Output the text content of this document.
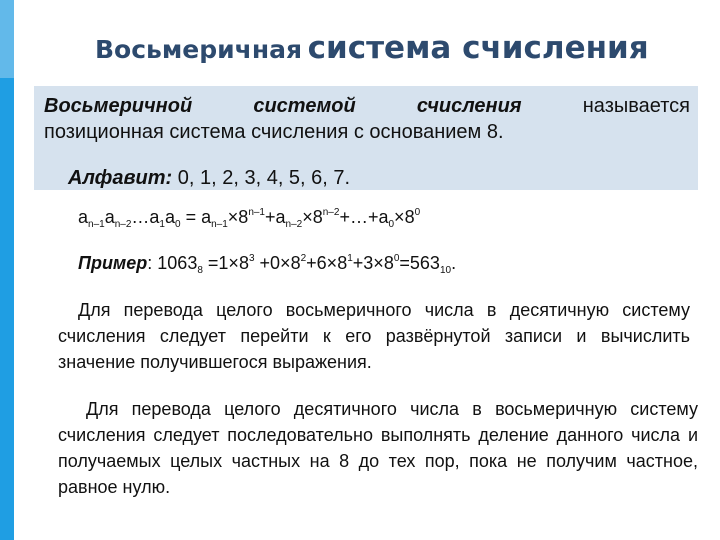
Восьмеричная система счисления
Восьмеричной системой счисления	называется
позиционная система счисления с основанием 8.
Алфавит: 0, 1, 2, 3, 4, 5, 6, 7.
$a_{n-1}a_{n-2}\dots a_1a_0$ = $a_{n-1}\times 8^{n-1}+a_{n-2}\times 8^{n-2}+\dots+a_0\times 8^0$
Пример: $1063_8 =1\times 8^3 +0\times 8^2+6\times 8^1+3\times 8^0=563_{10}$.
Для перевода целого восьмеричного числа в десятичную систему счисления следует перейти к его развёрнутой записи и вычислить значение получившегося выражения.
Для перевода целого десятичного числа в восьмеричную систему счисления следует последовательно выполнять деление данного числа и получаемых целых частных на 8 до тех пор, пока не получим частное, равное нулю.
